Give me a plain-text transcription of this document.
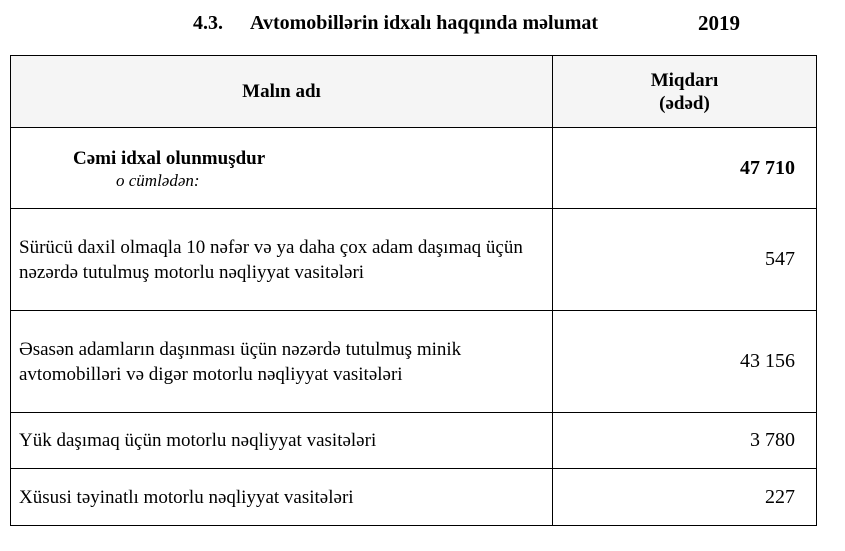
4.3. Avtomobillərin idxalı haqqında məlumat	2019
Malın adı	Miqdarı
(ədəd)

Cəmi idxal olunmuşdur
o cümlədən:	47 710
Sürücü daxil olmaqla 10 nəfər və ya daha çox adam daşımaq üçün nəzərdə tutulmuş motorlu nəqliyyat vasitələri	547
Əsasən adamların daşınması üçün nəzərdə tutulmuş minik avtomobilləri və digər motorlu nəqliyyat vasitələri	43 156
Yük daşımaq üçün motorlu nəqliyyat vasitələri	3 780
Xüsusi təyinatlı motorlu nəqliyyat vasitələri	227
